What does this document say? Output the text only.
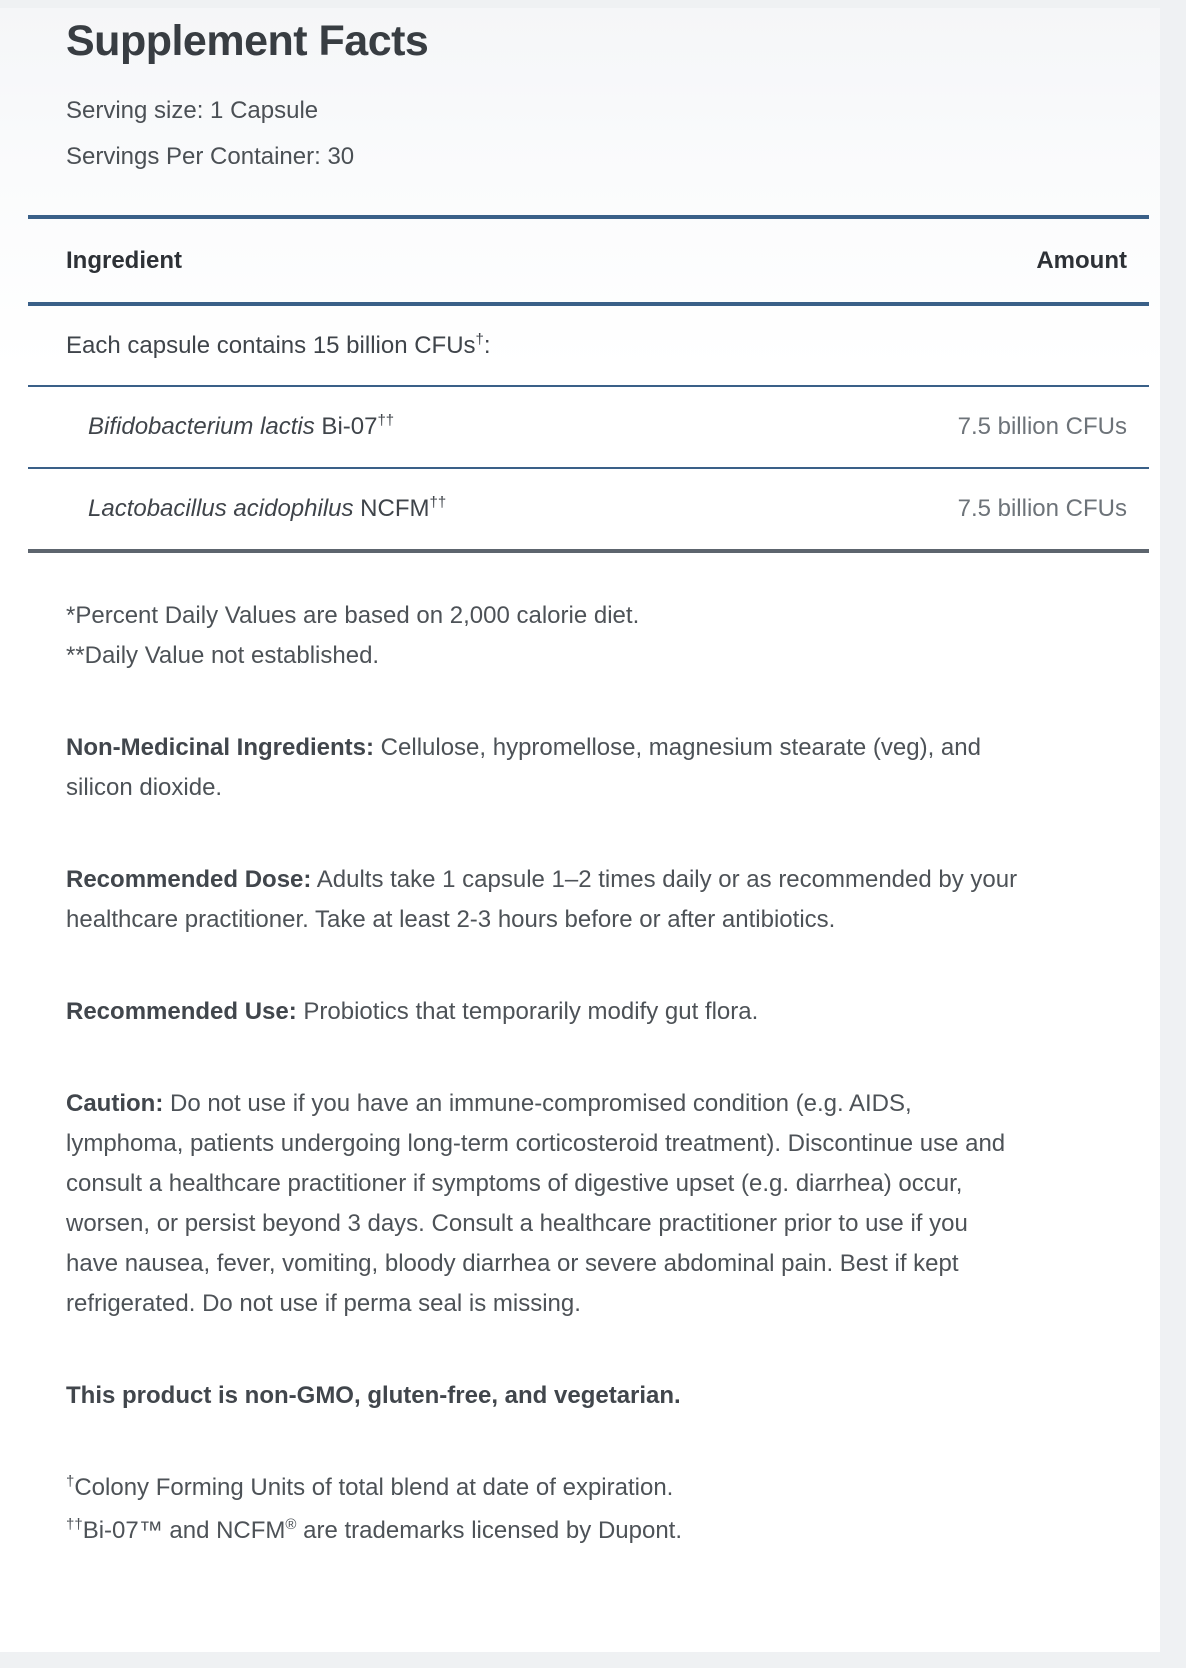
Supplement Facts
Serving size: 1 Capsule
Servings Per Container: 30
Ingredient	Amount
Each capsule contains 15 billion CFUs†:
Bifidobacterium lactis Bi-07††	7.5 billion CFUs
Lactobacillus acidophilus NCFM††	7.5 billion CFUs
*Percent Daily Values are based on 2,000 calorie diet.
**Daily Value not established.

Non-Medicinal Ingredients: Cellulose, hypromellose, magnesium stearate (veg), and silicon dioxide.

Recommended Dose: Adults take 1 capsule 1–2 times daily or as recommended by your healthcare practitioner. Take at least 2-3 hours before or after antibiotics.

Recommended Use: Probiotics that temporarily modify gut flora.

Caution: Do not use if you have an immune-compromised condition (e.g. AIDS, lymphoma, patients undergoing long-term corticosteroid treatment). Discontinue use and consult a healthcare practitioner if symptoms of digestive upset (e.g. diarrhea) occur, worsen, or persist beyond 3 days. Consult a healthcare practitioner prior to use if you have nausea, fever, vomiting, bloody diarrhea or severe abdominal pain. Best if kept refrigerated. Do not use if perma seal is missing.

This product is non-GMO, gluten-free, and vegetarian.

†Colony Forming Units of total blend at date of expiration.
††Bi-07™ and NCFM® are trademarks licensed by Dupont.
